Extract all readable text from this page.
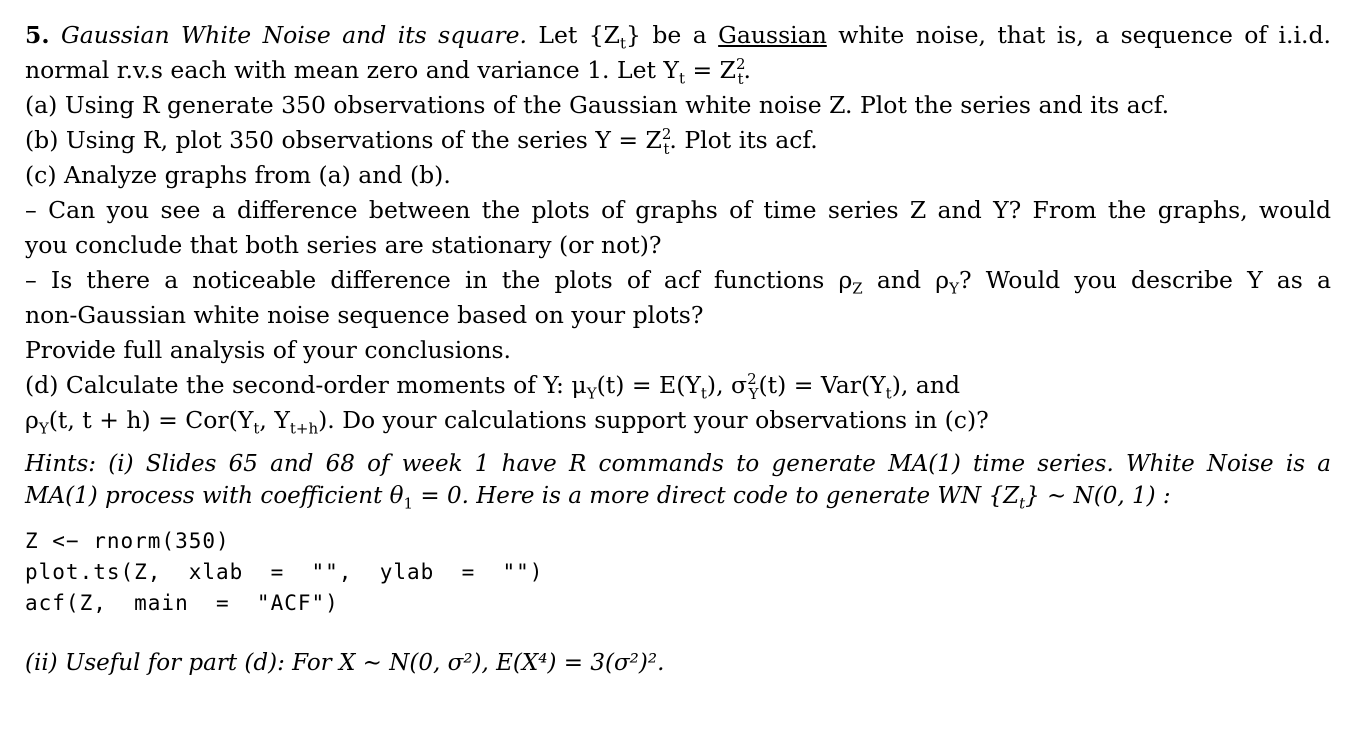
5. Gaussian White Noise and its square. Let $\{Z_t\}$ be a Gaussian white noise, that is, a sequence of i.i.d.
normal r.v.s each with mean zero and variance 1. Let $Y_t = Z^2_t$.
(a) Using R generate 350 observations of the Gaussian white noise Z. Plot the series and its acf.
(b) Using R, plot 350 observations of the series $Y = Z^2_t$. Plot its acf.
(c) Analyze graphs from (a) and (b).
– Can you see a difference between the plots of graphs of time series Z and Y? From the graphs, would
you conclude that both series are stationary (or not)?
– Is there a noticeable difference in the plots of acf functions $\rho_Z$ and $\rho_Y$? Would you describe Y as a
non-Gaussian white noise sequence based on your plots?
Provide full analysis of your conclusions.
(d) Calculate the second-order moments of Y: $\mu_Y(t) = E(Y_t)$, $\sigma^2_Y(t) = Var(Y_t)$, and
$\rho_Y(t$, $t + h) = Cor(Y_t$, $Y_{t+h}$). Do your calculations support your observations in (c)?
Hints: (i) Slides 65 and 68 of week 1 have R commands to generate MA(1) time series. White Noise is a
MA(1) process with coefficient $\theta_1 = 0$. Here is a more direct code to generate WN $\{Z_t\}$ ∼ N(0, 1) :
Z <− rnorm(350)
plot.ts(Z,  xlab  =  "",  ylab  =  "")
acf(Z,  main  =  "ACF")
(ii) Useful for part (d): For X ∼ N(0, σ²), E(X⁴) = 3(σ²)².
